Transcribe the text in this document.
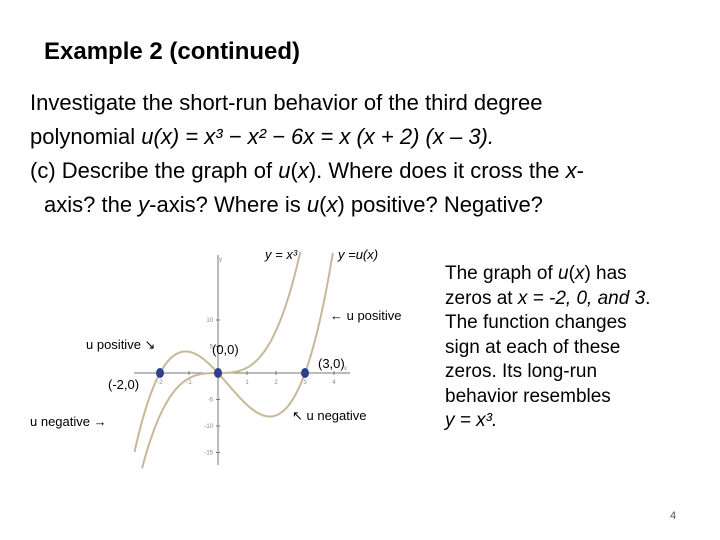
Example 2 (continued)
Investigate the short-run behavior of the third degree
polynomial u(x) = x³ − x² − 6x = x (x + 2) (x – 3).
(c) Describe the graph of u(x). Where does it cross the x-
axis? the y-axis? Where is u(x) positive? Negative?
-2	-1	1	2	3	4
10
5
-5
-10
-15
y
x
y = x³	y =u(x)
← u positive
u positive ↘	(0,0)
(3,0)
(-2,0)
u negative →	↖ u negative
The graph of u(x) has
zeros at x = -2, 0, and 3.
The function changes
sign at each of these
zeros. Its long-run
behavior resembles
y = x³.
4
